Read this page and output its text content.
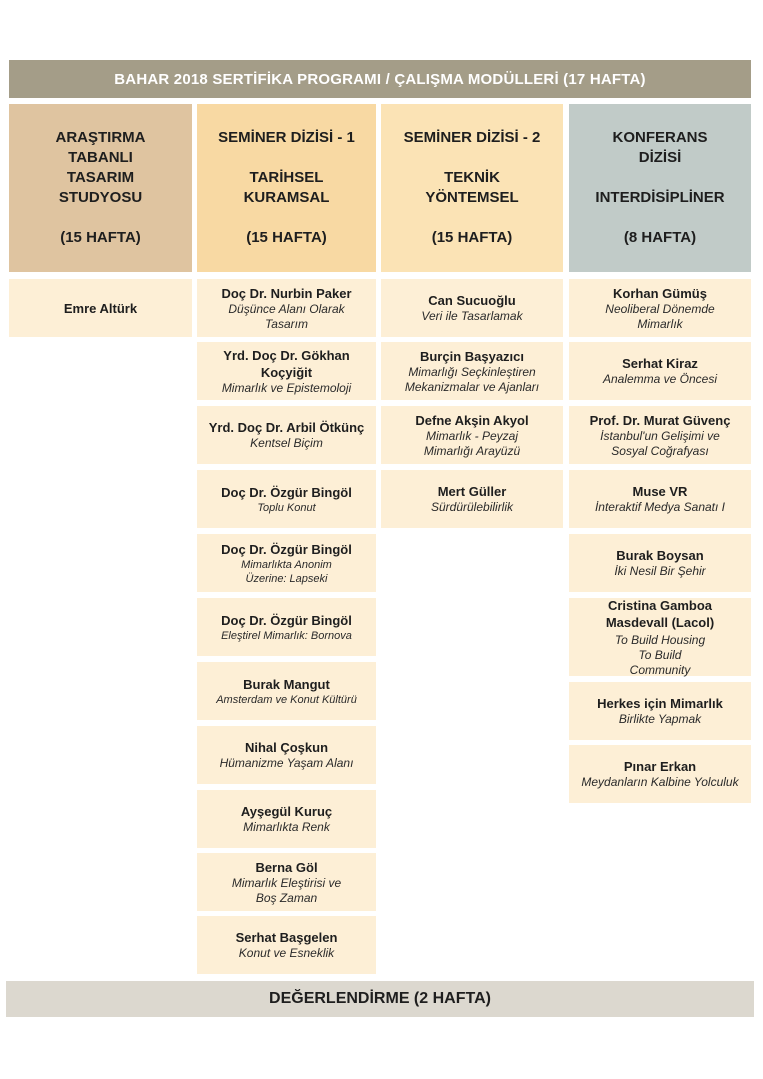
BAHAR 2018 SERTİFİKA PROGRAMI / ÇALIŞMA MODÜLLERİ (17 HAFTA)
ARAŞTIRMA
TABANLI
TASARIM
STUDYOSU
(15 HAFTA)
Emre Altürk
SEMİNER DİZİSİ - 1
TARİHSEL
KURAMSAL
(15 HAFTA)
Doç Dr. Nurbin Paker
Düşünce Alanı Olarak Tasarım
Yrd. Doç Dr. Gökhan Koçyiğit
Mimarlık ve Epistemoloji
Yrd. Doç Dr. Arbil Ötkünç
Kentsel Biçim
Doç Dr. Özgür Bingöl
Toplu Konut
Doç Dr. Özgür Bingöl
Mimarlıkta Anonim Üzerine: Lapseki
Doç Dr. Özgür Bingöl
Eleştirel Mimarlık: Bornova
Burak Mangut
Amsterdam ve Konut Kültürü
Nihal Çoşkun
Hümanizme Yaşam Alanı
Ayşegül Kuruç
Mimarlıkta Renk
Berna Göl
Mimarlık Eleştirisi ve Boş Zaman
Serhat Başgelen
Konut ve Esneklik
SEMİNER DİZİSİ - 2
TEKNİK
YÖNTEMSEL
(15 HAFTA)
Can Sucuoğlu
Veri ile Tasarlamak
Burçin Başyazıcı
Mimarlığı Seçkinleştiren Mekanizmalar ve Ajanları
Defne Akşin Akyol
Mimarlık - Peyzaj Mimarlığı Arayüzü
Mert Güller
Sürdürülebilirlik
KONFERANS
DİZİSİ
INTERDİSİPLİNER
(8 HAFTA)
Korhan Gümüş
Neoliberal Dönemde Mimarlık
Serhat Kiraz
Analemma ve Öncesi
Prof. Dr. Murat Güvenç
İstanbul'un Gelişimi ve Sosyal Coğrafyası
Muse VR
İnteraktif Medya Sanatı I
Burak Boysan
İki Nesil Bir Şehir
Cristina Gamboa Masdevall (Lacol)
To Build Housing To Build Community
Herkes için Mimarlık
Birlikte Yapmak
Pınar Erkan
Meydanların Kalbine Yolculuk
DEĞERLENDİRME (2 HAFTA)
